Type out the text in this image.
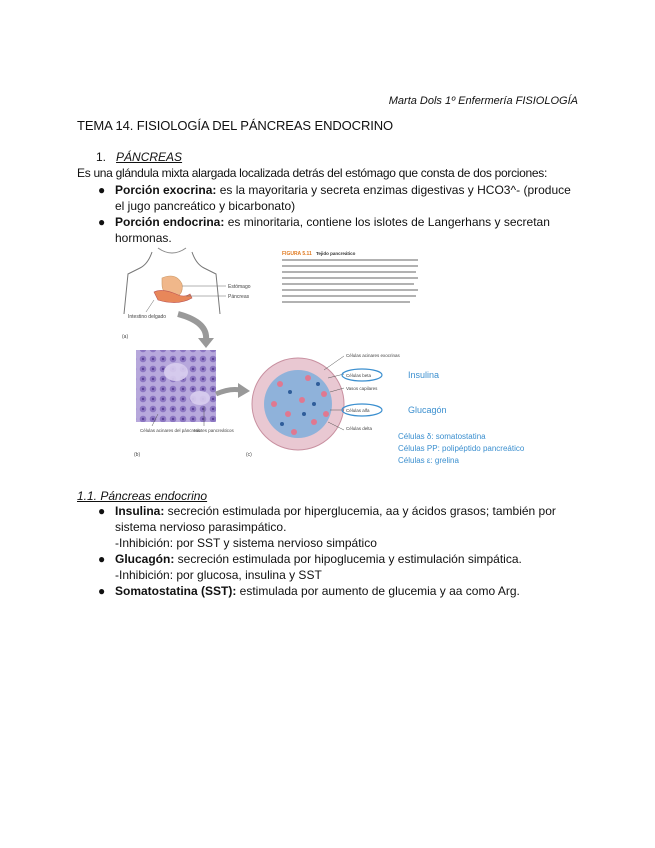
Marta Dols 1º Enfermería FISIOLOGÍA
TEMA 14. FISIOLOGÍA DEL PÁNCREAS ENDOCRINO
1. PÁNCREAS
Es una glándula mixta alargada localizada detrás del estómago que consta de dos porciones:
● Porción exocrina: es la mayoritaria y secreta enzimas digestivas y HCO3^- (produce el jugo pancreático y bicarbonato)
● Porción endocrina: es minoritaria, contiene los islotes de Langerhans y secretan hormonas.
Estómago
Páncreas
Intestino delgado
(a)
FIGURA 5.11 Tejido pancreático
Células acinares del páncreas
Islotes pancreáticos
(b)
Células acinares exocrinas
Células beta
Vasos capilares
Células alfa
Células delta
(c)
Insulina
Glucagón
Células δ: somatostatina
Células PP: polipéptido pancreático
Células ε: grelina
1.1. Páncreas endocrino
● Insulina: secreción estimulada por hiperglucemia, aa y ácidos grasos; también por sistema nervioso parasimpático.
-Inhibición: por SST y sistema nervioso simpático
● Glucagón: secreción estimulada por hipoglucemia y estimulación simpática.
-Inhibición: por glucosa, insulina y SST
● Somatostatina (SST): estimulada por aumento de glucemia y aa como Arg.
